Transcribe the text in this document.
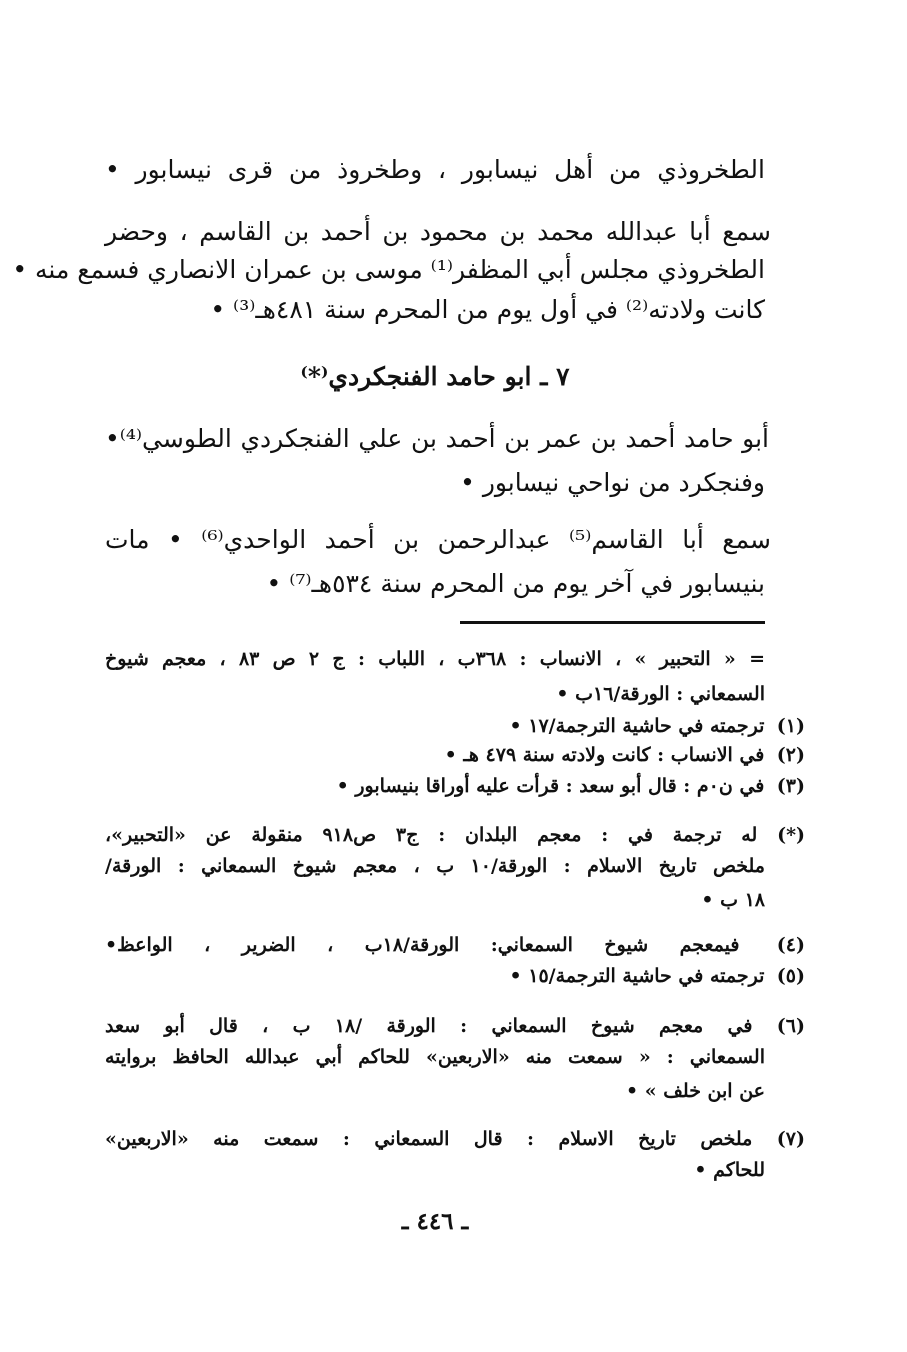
الطخروذي من أهل نيسابور ، وطخروذ من قرى نيسابور •
سمع أبا عبدالله محمد بن محمود بن أحمد بن القاسم ، وحضر
الطخروذي مجلس أبي المظفر⁽¹⁾ موسى بن عمران الانصاري فسمع منه •
كانت ولادته⁽²⁾ في أول يوم من المحرم سنة ٤٨١هـ⁽³⁾ •
٧ ـ ابو حامد الفنجكردي⁽*⁾
أبو حامد أحمد بن عمر بن أحمد بن علي الفنجكردي الطوسي⁽⁴⁾•
وفنجكرد من نواحي نيسابور •
سمع أبا القاسم⁽⁵⁾ عبدالرحمن بن أحمد الواحدي⁽⁶⁾ • مات
بنيسابور في آخر يوم من المحرم سنة ٥٣٤هـ⁽⁷⁾ •
= « التحبير » ، الانساب : ٣٦٨ب ، اللباب : ج ٢ ص ٨٣ ، معجم شيوخ
السمعاني : الورقة/١٦ب •
(١) ترجمته في حاشية الترجمة/١٧ •
(٢) في الانساب : كانت ولادته سنة ٤٧٩ هـ •
(٣) في ن٠م : قال أبو سعد : قرأت عليه أوراقا بنيسابور •
(*) له ترجمة في : معجم البلدان : ج٣ ص٩١٨ منقولة عن «التحبير»،
ملخص تاريخ الاسلام : الورقة/١٠ ب ، معجم شيوخ السمعاني : الورقة/
١٨ ب •
(٤) فيمعجم شيوخ السمعاني: الورقة/١٨ب ، الضرير ، الواعظ•
(٥) ترجمته في حاشية الترجمة/١٥ •
(٦) في معجم شيوخ السمعاني : الورقة /١٨ ب ، قال أبو سعد
السمعاني : « سمعت منه «الاربعين» للحاكم أبي عبدالله الحافظ بروايته
عن ابن خلف » •
(٧) ملخص تاريخ الاسلام : قال السمعاني : سمعت منه «الاربعين»
للحاكم •
ـ ٤٤٦ ـ
